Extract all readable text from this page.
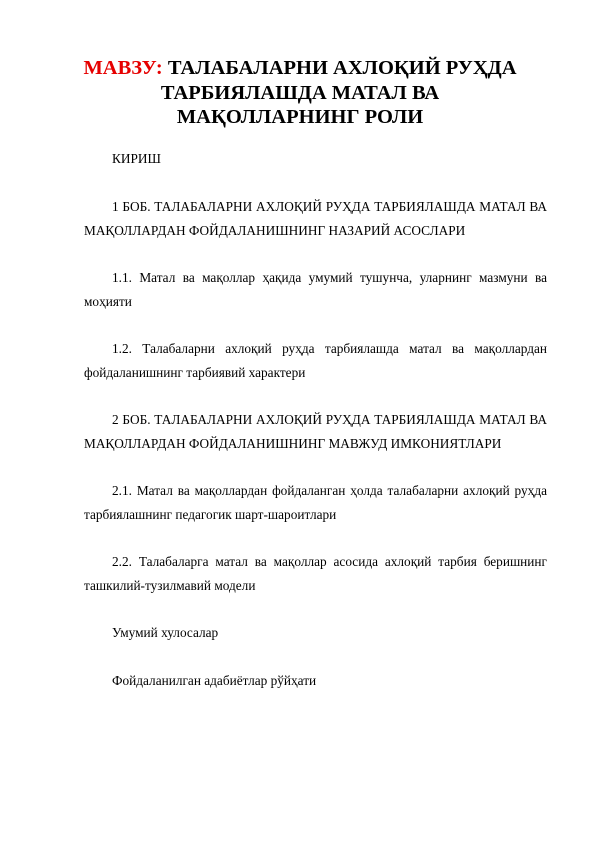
МАВЗУ: ТАЛАБАЛАРНИ АХЛОҚИЙ РУҲДА ТАРБИЯЛАШДА МАТАЛ ВА МАҚОЛЛАРНИНГ РОЛИ

КИРИШ

1 БОБ. ТАЛАБАЛАРНИ АХЛОҚИЙ РУҲДА ТАРБИЯЛАШДА МАТАЛ ВА МАҚОЛЛАРДАН ФОЙДАЛАНИШНИНГ НАЗАРИЙ АСОСЛАРИ

1.1. Матал ва мақоллар ҳақида умумий тушунча, уларнинг мазмуни ва моҳияти

1.2. Талабаларни ахлоқий руҳда тарбиялашда матал ва мақоллардан фойдаланишнинг тарбиявий характери

2 БОБ. ТАЛАБАЛАРНИ АХЛОҚИЙ РУҲДА ТАРБИЯЛАШДА МАТАЛ ВА МАҚОЛЛАРДАН ФОЙДАЛАНИШНИНГ МАВЖУД ИМКОНИЯТЛАРИ

2.1. Матал ва мақоллардан фойдаланган ҳолда талабаларни ахлоқий руҳда тарбиялашнинг педагогик шарт-шароитлари

2.2. Талабаларга матал ва мақоллар асосида ахлоқий тарбия беришнинг ташкилий-тузилмавий модели

Умумий хулосалар

Фойдаланилган адабиётлар рўйҳати
